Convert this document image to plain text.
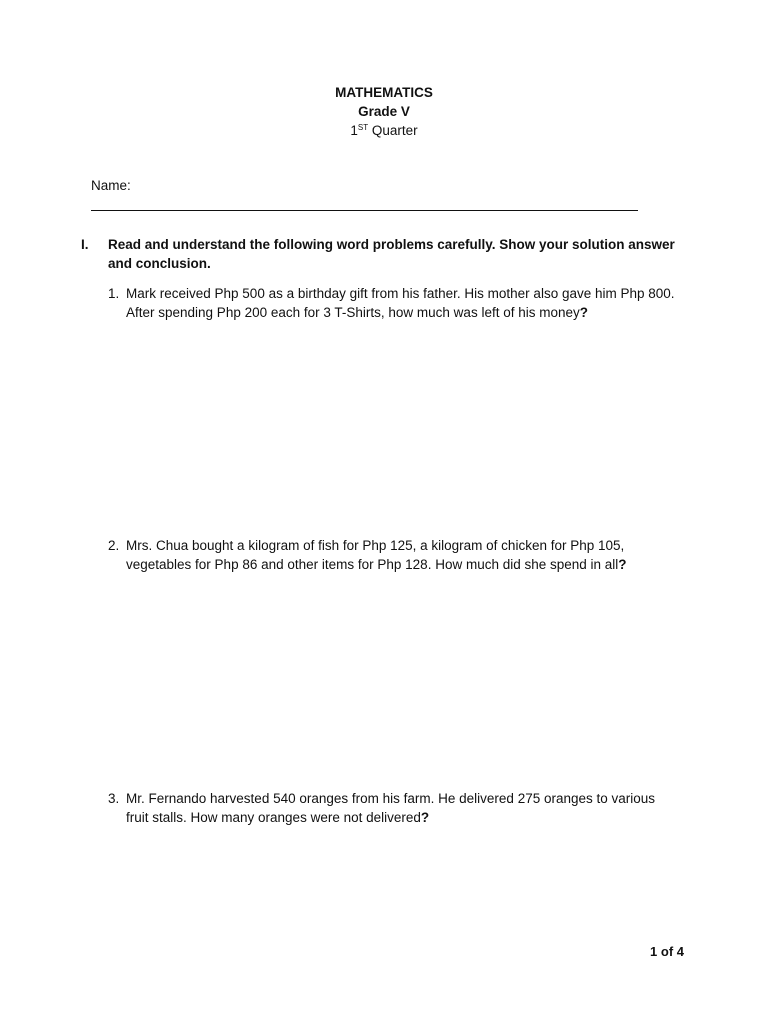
MATHEMATICS
Grade V
1ST Quarter
Name:
I. Read and understand the following word problems carefully. Show your solution answer
and conclusion.
1. Mark received Php 500 as a birthday gift from his father. His mother also gave him Php 800.
After spending Php 200 each for 3 T-Shirts, how much was left of his money?
2. Mrs. Chua bought a kilogram of fish for Php 125, a kilogram of chicken for Php 105,
vegetables for Php 86 and other items for Php 128. How much did she spend in all?
3. Mr. Fernando harvested 540 oranges from his farm. He delivered 275 oranges to various
fruit stalls. How many oranges were not delivered?
1 of 4
